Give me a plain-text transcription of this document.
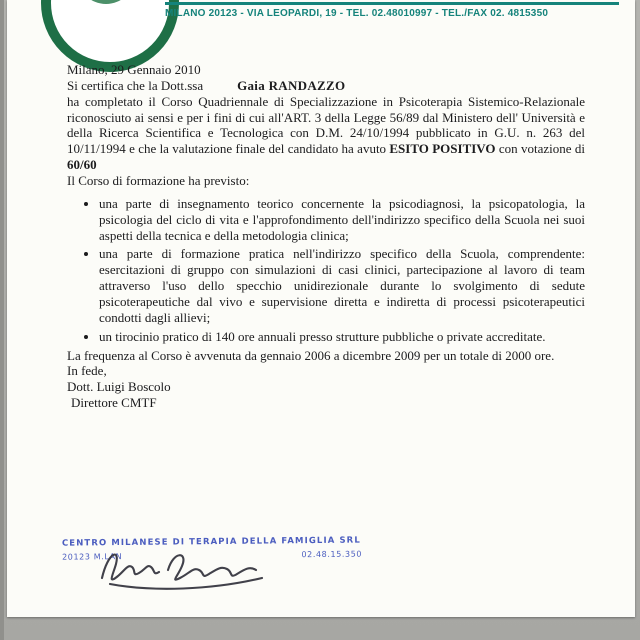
MILANO 20123 - VIA LEOPARDI, 19 - TEL. 02.48010997 - TEL./FAX 02. 4815350

Milano, 29 Gennaio 2010

Si certifica che la Dott.ssa	Gaia RANDAZZO

ha completato il Corso Quadriennale di Specializzazione in Psicoterapia Sistemico-Relazionale riconosciuto ai sensi e per i fini di cui all'ART. 3 della Legge 56/89 dal Ministero dell' Università e della Ricerca Scientifica e Tecnologica con D.M. 24/10/1994 pubblicato in G.U. n. 263 del 10/11/1994 e che la valutazione finale del candidato ha avuto ESITO POSITIVO con votazione di 60/60

Il Corso di formazione ha previsto:

• una parte di insegnamento teorico concernente la psicodiagnosi, la psicopatologia, la psicologia del ciclo di vita e l'approfondimento dell'indirizzo specifico della Scuola nei suoi aspetti della tecnica e della metodologia clinica;
• una parte di formazione pratica nell'indirizzo specifico della Scuola, comprendente: esercitazioni di gruppo con simulazioni di casi clinici, partecipazione al lavoro di team attraverso l'uso dello specchio unidirezionale durante lo svolgimento di sedute psicoterapeutiche dal vivo e supervisione diretta e indiretta di processi psicoterapeutici condotti dagli allievi;
• un tirocinio pratico di 140 ore annuali presso strutture pubbliche o private accreditate.

La frequenza al Corso è avvenuta da gennaio 2006 a dicembre 2009 per un totale di 2000 ore.

In fede,

Dott. Luigi Boscolo

Direttore CMTF

CENTRO MILANESE DI TERAPIA DELLA FAMIGLIA SRL
20123 M.LAN	02.48.15.350
